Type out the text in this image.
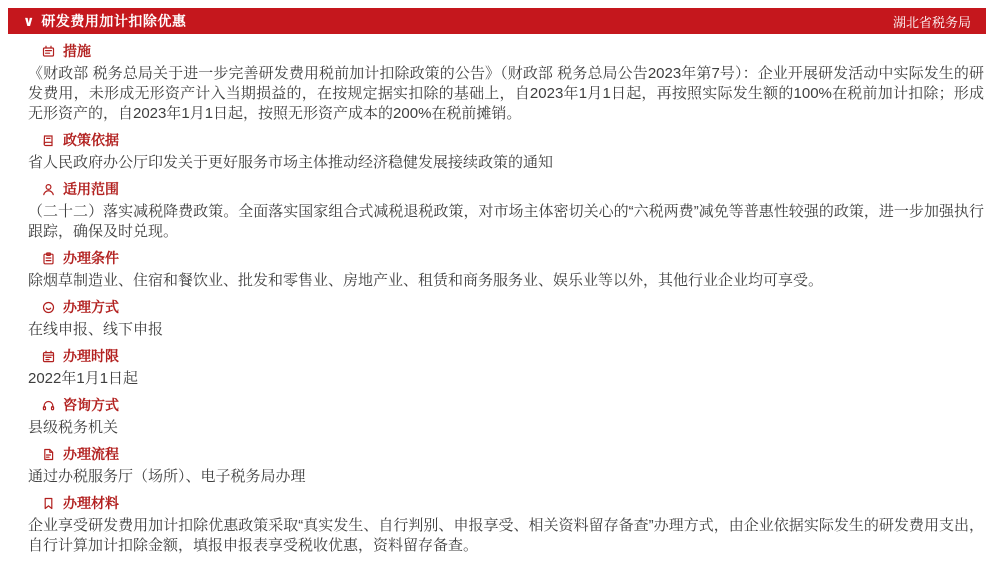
∨ 研发费用加计扣除优惠	湖北省税务局
措施

《财政部 税务总局关于进一步完善研发费用税前加计扣除政策的公告》（财政部 税务总局公告2023年第7号）：企业开展研发活动中实际发生的研发费用，未形成无形资产计入当期损益的，在按规定据实扣除的基础上，自2023年1月1日起，再按照实际发生额的100%在税前加计扣除；形成无形资产的，自2023年1月1日起，按照无形资产成本的200%在税前摊销。

政策依据

省人民政府办公厅印发关于更好服务市场主体推动经济稳健发展接续政策的通知

适用范围

（二十二）落实减税降费政策。全面落实国家组合式减税退税政策，对市场主体密切关心的“六税两费”减免等普惠性较强的政策，进一步加强执行跟踪，确保及时兑现。

办理条件

除烟草制造业、住宿和餐饮业、批发和零售业、房地产业、租赁和商务服务业、娱乐业等以外，其他行业企业均可享受。

办理方式

在线申报、线下申报

办理时限

2022年1月1日起

咨询方式

县级税务机关

办理流程

通过办税服务厅（场所）、电子税务局办理

办理材料

企业享受研发费用加计扣除优惠政策采取“真实发生、自行判别、申报享受、相关资料留存备查”办理方式，由企业依据实际发生的研发费用支出，自行计算加计扣除金额，填报申报表享受税收优惠，资料留存备查。
